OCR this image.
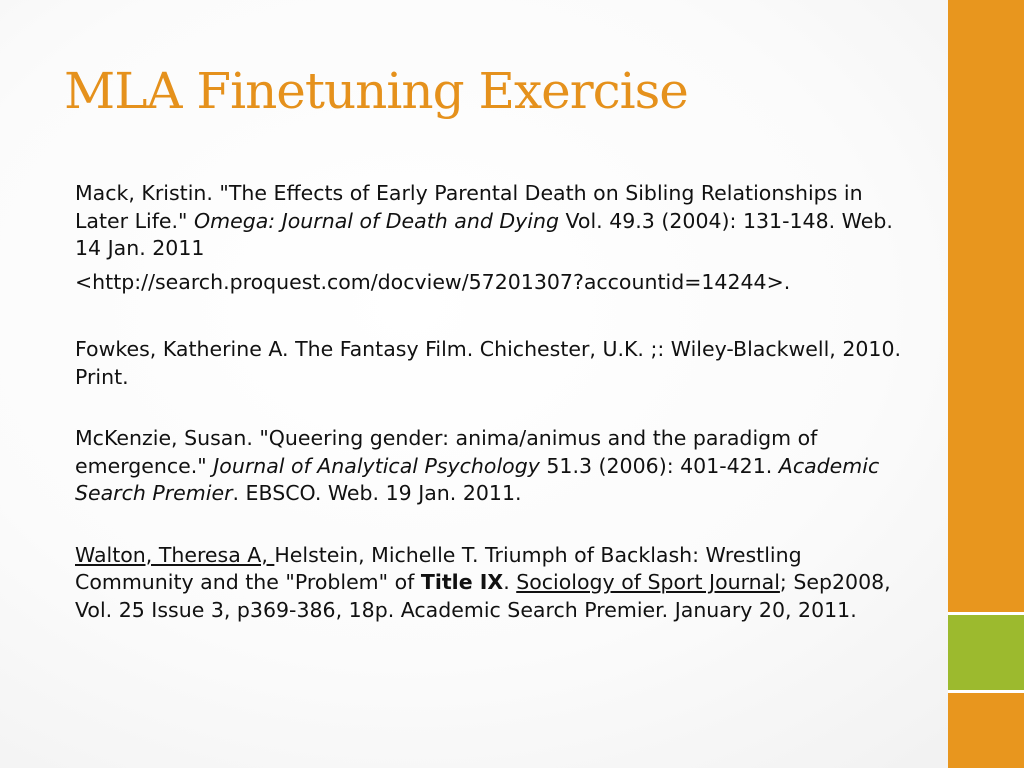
MLA Finetuning Exercise

Mack, Kristin. "The Effects of Early Parental Death on Sibling Relationships in Later Life." Omega: Journal of Death and Dying Vol. 49.3 (2004): 131-148. Web. 14 Jan. 2011

<http://search.proquest.com/docview/57201307?accountid=14244>.

Fowkes, Katherine A. The Fantasy Film. Chichester, U.K. ;: Wiley-Blackwell, 2010. Print.

McKenzie, Susan. "Queering gender: anima/animus and the paradigm of emergence." Journal of Analytical Psychology 51.3 (2006): 401-421. Academic Search Premier. EBSCO. Web. 19 Jan. 2011.

Walton, Theresa A, Helstein, Michelle T. Triumph of Backlash: Wrestling Community and the "Problem" of Title IX. Sociology of Sport Journal; Sep2008, Vol. 25 Issue 3, p369-386, 18p. Academic Search Premier. January 20, 2011.
